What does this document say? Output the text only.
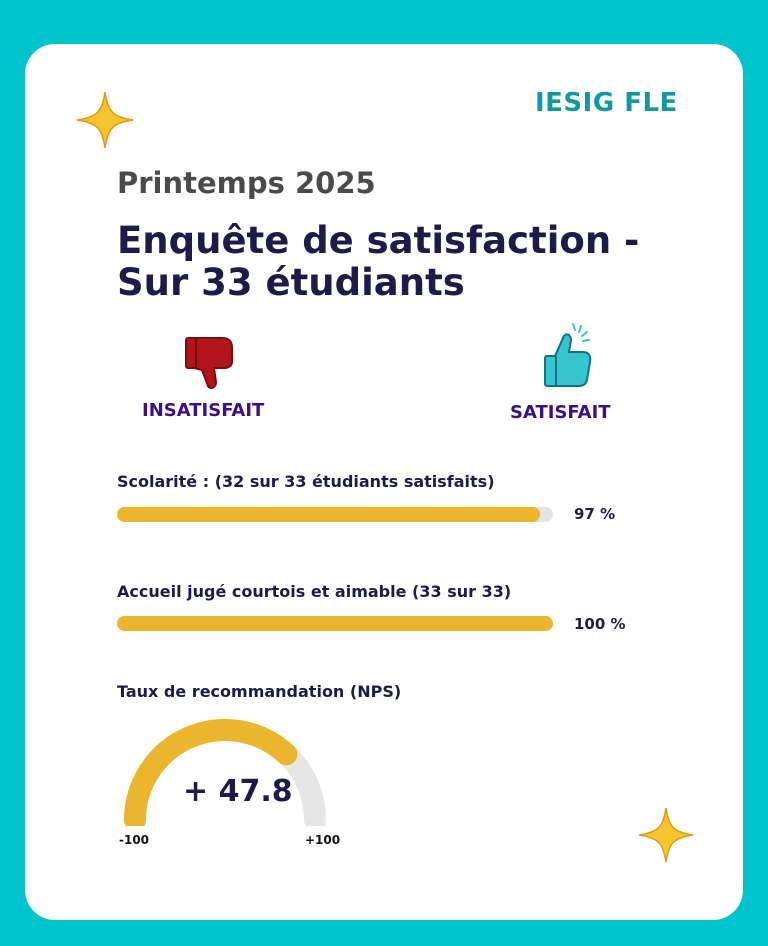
IESIG FLE
Printemps 2025
Enquête de satisfaction - Sur 33 étudiants
INSATISFAIT	SATISFAIT
Scolarité : (32 sur 33 étudiants satisfaits)
97 %
Accueil jugé courtois et aimable (33 sur 33)
100 %
Taux de recommandation (NPS)
+ 47.8
-100	+100
